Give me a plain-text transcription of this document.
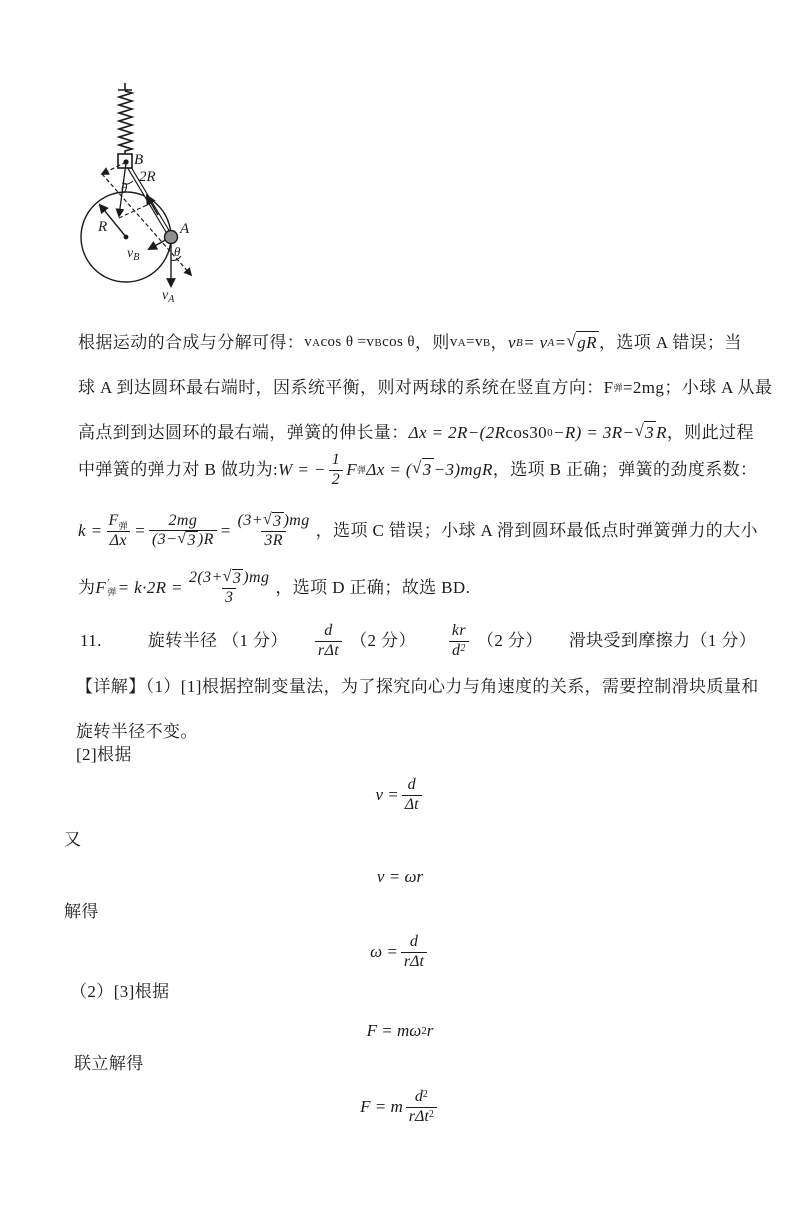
B
2R
θ
R	A
$v_B$	θ
$v_A$
根据运动的合成与分解可得： v A cos θ =v B cos θ ，则 v A =v B ， v B = v A = √ gR ，选项 A 错误；当
球 A 到达圆环最右端时，因系统平衡，则对两球的系统在竖直方向：F 弹 =2mg；小球 A 从最
高点到到达圆环的最右端，弹簧的伸长量： Δx = 2R−(2R cos30 0 −R) = 3R− √ 3 R ，则此过程
中弹簧的弹力对 B 做功为: W = − $\frac{1}{2}$ F 弹 Δx = ( √ 3 −3)mgR ，选项 B 正确；弹簧的劲度系数：
$k = \frac{F_弹}{\Delta x} = \frac{2mg}{(3- √ 3 )R} = \frac{(3+ √ 3 )mg}{3R}$ ，选项 C 错误；小球 A 滑到圆环最低点时弹簧弹力的大小
为 F ′
弹 = $k\cdot 2R = \frac{2(3+ √ 3 )mg}{3}$ ，选项 D 正确；故选 BD.
11.	旋转半径 （1 分） $\frac{d}{\text{rΔt}} (2$ 分） $\frac{kr}{d^2} (2$ 分） 滑块受到摩擦力（1 分）
【详解】（1）[1]根据控制变量法，为了探究向心力与角速度的关系，需要控制滑块质量和
旋转半径不变。
[2]根据
$v = \frac{d}{\Delta t}$
又
v = ωr
解得
$\omega = \frac{d}{\text{rΔt}}$
（2）[3]根据
F = mω 2 r
联立解得
F = m $\frac{d^2}{r\Delta t^2}$
